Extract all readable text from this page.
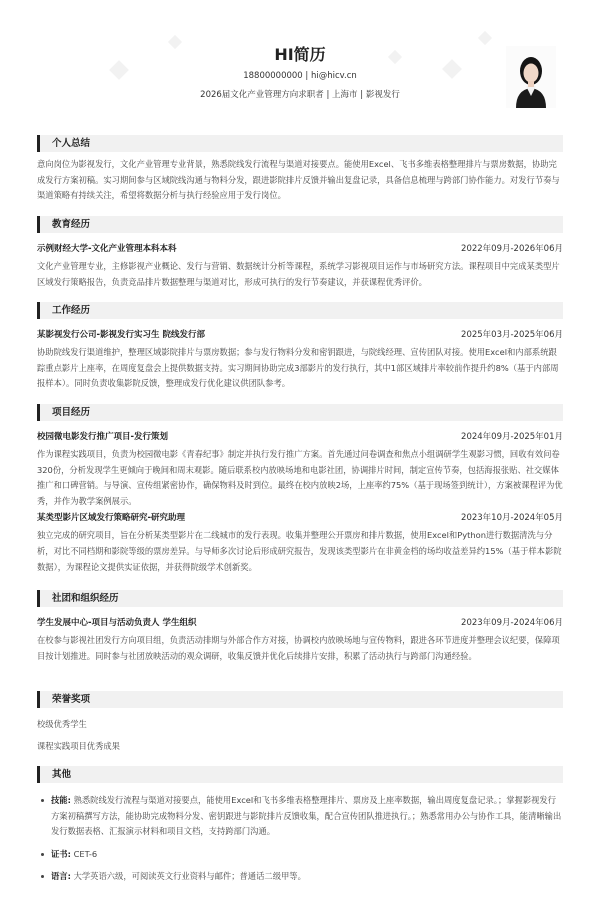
HI简历
18800000000 | hi@hicv.cn
2026届文化产业管理方向求职者 | 上海市 | 影视发行
个人总结
意向岗位为影视发行，文化产业管理专业背景，熟悉院线发行流程与渠道对接要点。能使用Excel、飞书多维表格整理排片与票房数据，协助完成发行方案初稿。实习期间参与区域院线沟通与物料分发，跟进影院排片反馈并输出复盘记录，具备信息梳理与跨部门协作能力。对发行节奏与渠道策略有持续关注，希望将数据分析与执行经验应用于发行岗位。
教育经历
示例财经大学-文化产业管理本科本科	2022年09月-2026年06月
文化产业管理专业，主修影视产业概论、发行与营销、数据统计分析等课程，系统学习影视项目运作与市场研究方法。课程项目中完成某类型片区域发行策略报告，负责竞品排片数据整理与渠道对比，形成可执行的发行节奏建议，并获课程优秀评价。
工作经历
某影视发行公司-影视发行实习生 院线发行部	2025年03月-2025年06月
协助院线发行渠道维护，整理区域影院排片与票房数据；参与发行物料分发和密钥跟进，与院线经理、宣传团队对接。使用Excel和内部系统跟踪重点影片上座率，在周度复盘会上提供数据支持。实习期间协助完成3部影片的发行执行，其中1部区域排片率较前作提升约8%（基于内部周报样本）。同时负责收集影院反馈，整理成发行优化建议供团队参考。
项目经历
校园微电影发行推广项目-发行策划	2024年09月-2025年01月
作为课程实践项目，负责为校园微电影《青春纪事》制定并执行发行推广方案。首先通过问卷调查和焦点小组调研学生观影习惯，回收有效问卷320份，分析发现学生更倾向于晚间和周末观影。随后联系校内放映场地和电影社团，协调排片时间，制定宣传节奏，包括海报张贴、社交媒体推广和口碑营销。与导演、宣传组紧密协作，确保物料及时到位。最终在校内放映2场，上座率约75%（基于现场签到统计），方案被课程评为优秀，并作为教学案例展示。
某类型影片区域发行策略研究-研究助理	2023年10月-2024年05月
独立完成的研究项目，旨在分析某类型影片在二线城市的发行表现。收集并整理公开票房和排片数据，使用Excel和Python进行数据清洗与分析，对比不同档期和影院等级的票房差异。与导师多次讨论后形成研究报告，发现该类型影片在非黄金档的场均收益差异约15%（基于样本影院数据），为课程论文提供实证依据，并获得院级学术创新奖。
社团和组织经历
学生发展中心-项目与活动负责人 学生组织	2023年09月-2024年06月
在校参与影视社团发行方向项目组，负责活动排期与外部合作方对接，协调校内放映场地与宣传物料，跟进各环节进度并整理会议纪要，保障项目按计划推进。同时参与社团放映活动的观众调研，收集反馈并优化后续排片安排，积累了活动执行与跨部门沟通经验。
荣誉奖项
校级优秀学生
课程实践项目优秀成果
其他
技能: 熟悉院线发行流程与渠道对接要点，能使用Excel和飞书多维表格整理排片、票房及上座率数据，输出周度复盘记录。；掌握影视发行方案初稿撰写方法，能协助完成物料分发、密钥跟进与影院排片反馈收集，配合宣传团队推进执行。；熟悉常用办公与协作工具，能清晰输出发行数据表格、汇报演示材料和项目文档，支持跨部门沟通。
证书: CET-6
语言: 大学英语六级，可阅读英文行业资料与邮件；普通话二级甲等。
